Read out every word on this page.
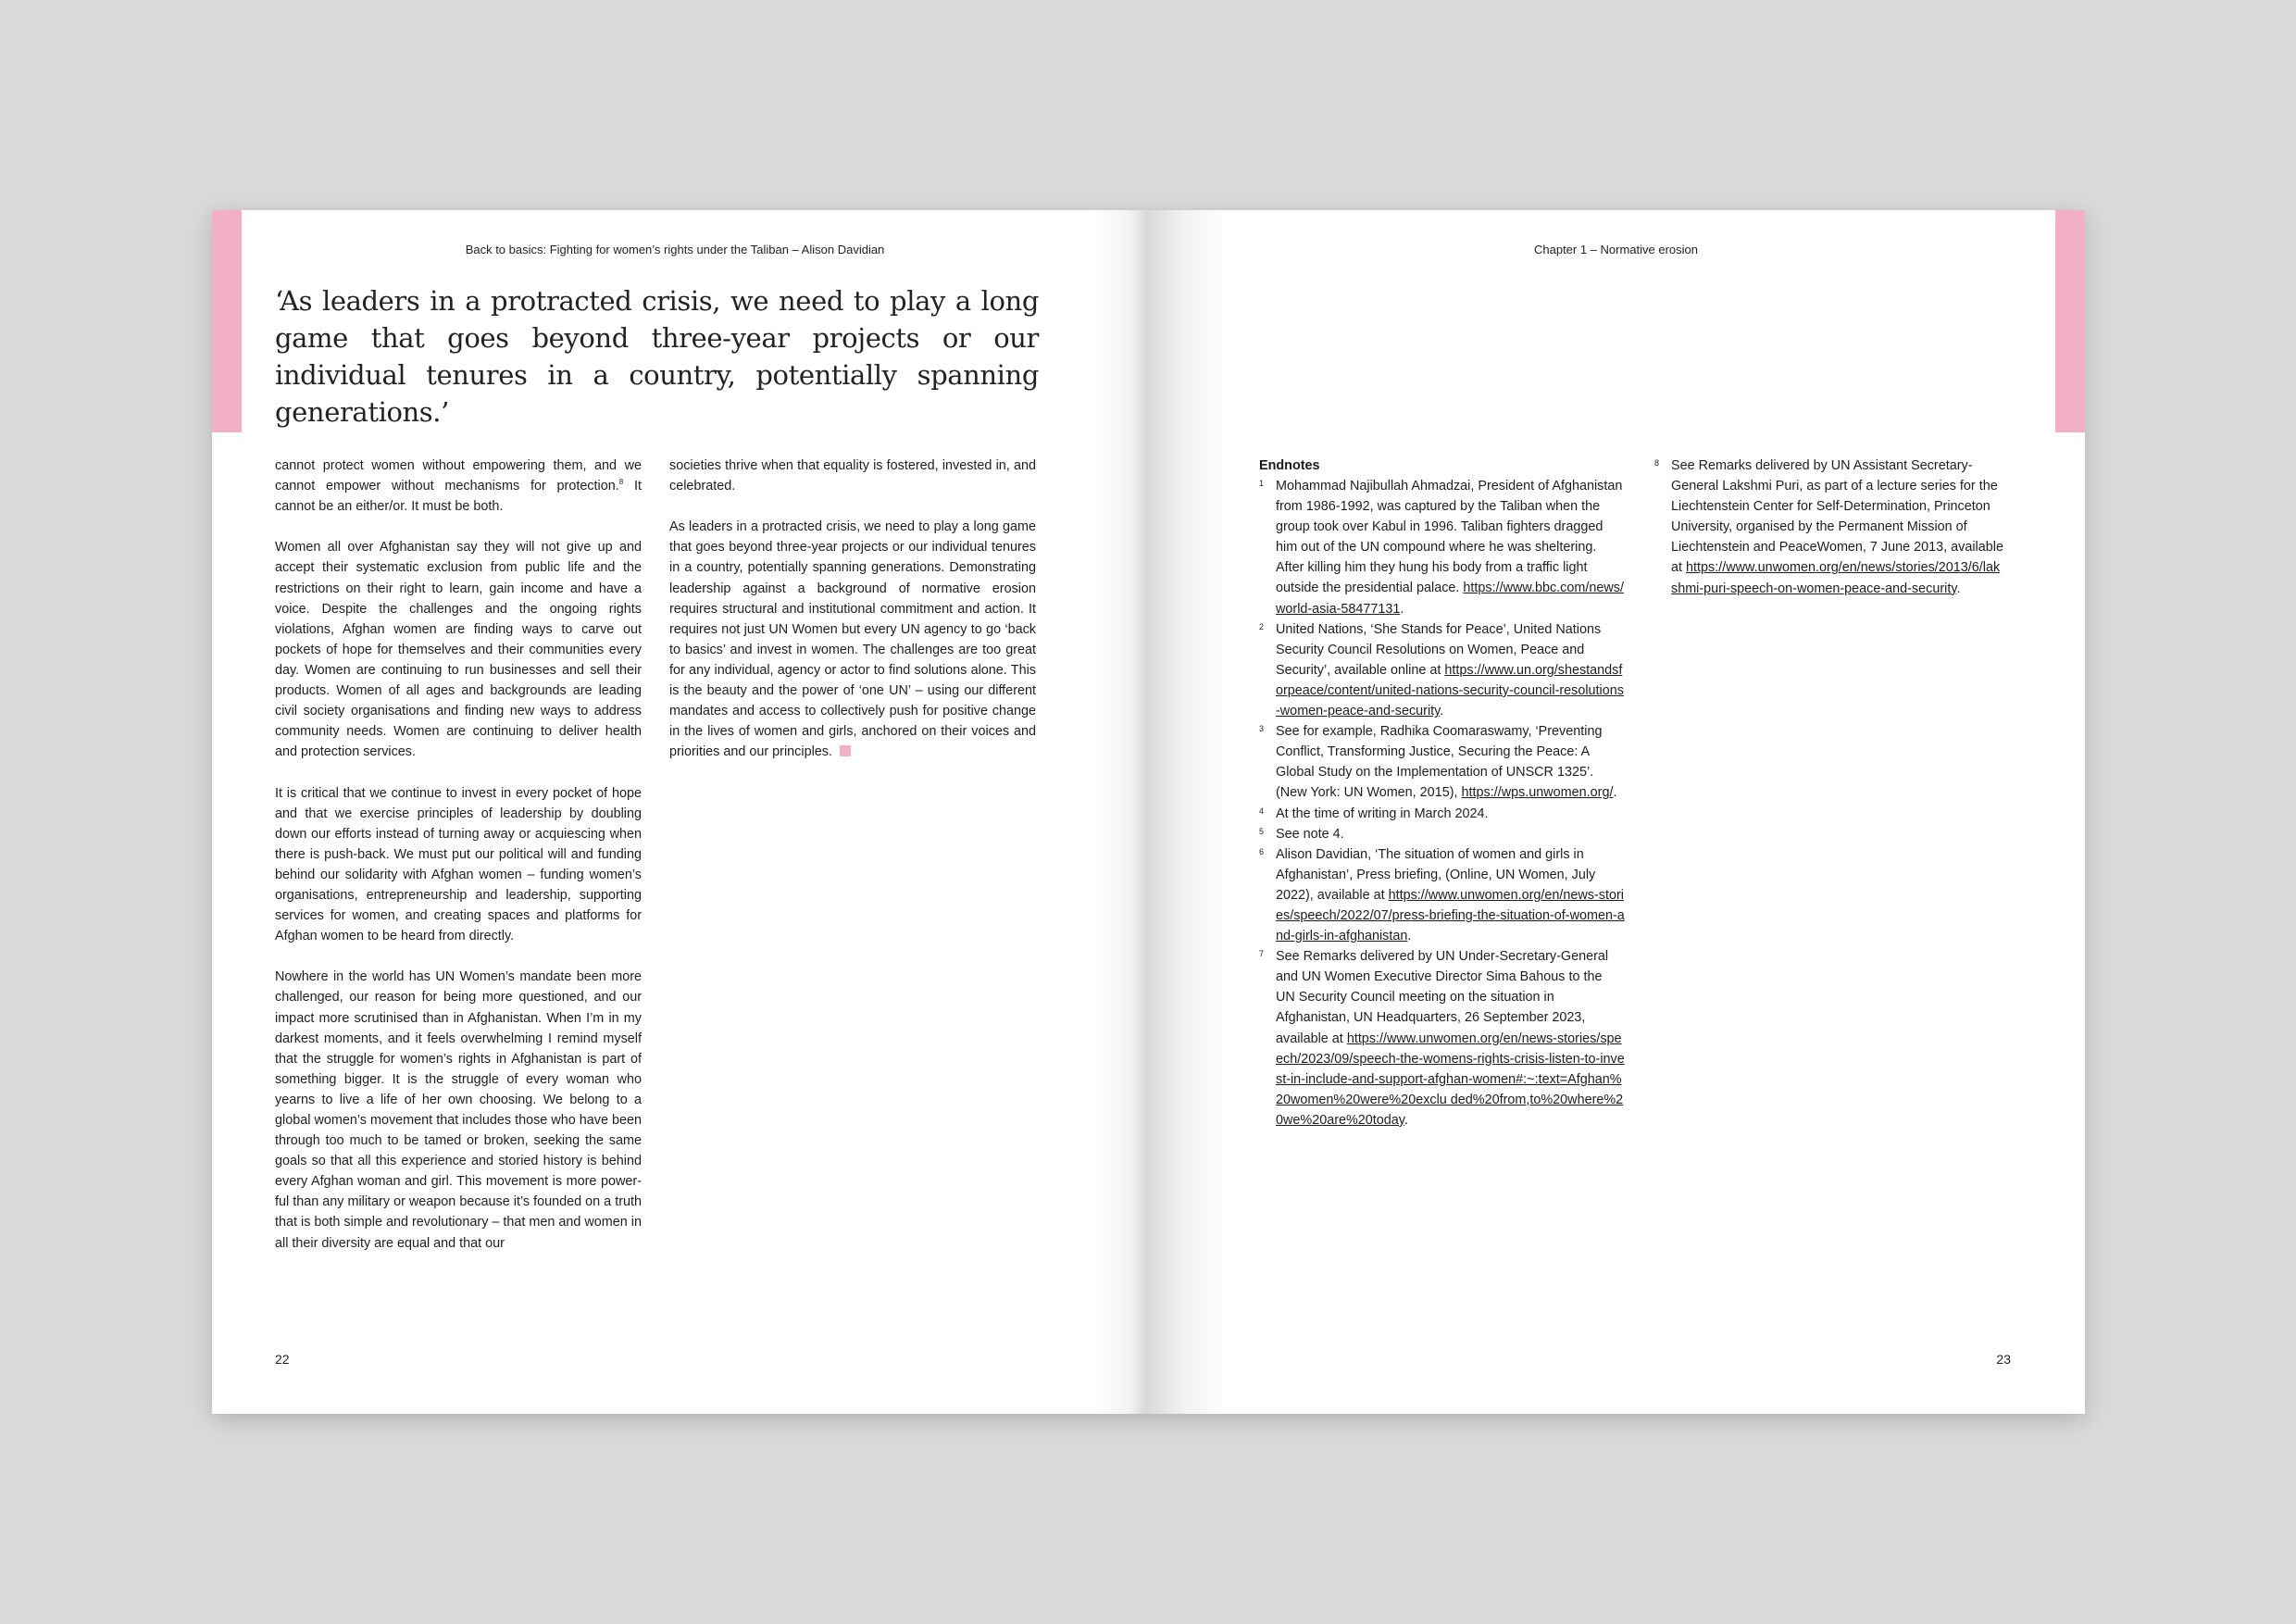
Back to basics: Fighting for women’s rights under the Taliban – Alison Davidian

‘As leaders in a protracted crisis, we need to play a long game that goes beyond three-year projects or our individual tenures in a country, potentially spanning generations.’

cannot protect women without empowering them, and we cannot empower without mechanisms for protection.$^8$ It cannot be an either/or. It must be both.

Women all over Afghanistan say they will not give up and accept their systematic exclusion from public life and the restrictions on their right to learn, gain income and have a voice. Despite the challenges and the ongoing rights violations, Afghan women are finding ways to carve out pockets of hope for themselves and their communities every day. Women are continuing to run businesses and sell their products. Women of all ages and backgrounds are leading civil society organisations and finding new ways to address community needs. Women are continuing to deliver health and protection services.

It is critical that we continue to invest in every pocket of hope and that we exercise principles of leadership by doubling down our efforts instead of turning away or acquiescing when there is push-back. We must put our political will and funding behind our solidarity with Afghan women – funding women’s organisations, entrepreneurship and leadership, supporting services for women, and creating spaces and platforms for Afghan women to be heard from directly.

Nowhere in the world has UN Women’s mandate been more challenged, our reason for being more questioned, and our impact more scrutinised than in Afghanistan. When I’m in my darkest moments, and it feels overwhelming I remind myself that the struggle for women’s rights in Afghanistan is part of something bigger. It is the struggle of every woman who yearns to live a life of her own choosing. We belong to a global women’s movement that includes those who have been through too much to be tamed or broken, seeking the same goals so that all this experience and storied history is behind every Afghan woman and girl. This movement is more powerful than any military or weapon because it’s founded on a truth that is both simple and revolutionary – that men and women in all their diversity are equal and that our

societies thrive when that equality is fostered, invested in, and celebrated.

As leaders in a protracted crisis, we need to play a long game that goes beyond three-year projects or our individual tenures in a country, potentially spanning generations. Demonstrating leadership against a background of normative erosion requires structural and institutional commitment and action. It requires not just UN Women but every UN agency to go ‘back to basics’ and invest in women. The challenges are too great for any individual, agency or actor to find solutions alone. This is the beauty and the power of ‘one UN’ – using our different mandates and access to collectively push for positive change in the lives of women and girls, anchored on their voices and priorities and our principles.

22
Chapter 1 – Normative erosion
Endnotes
1 Mohammad Najibullah Ahmadzai, President of Afghanistan from 1986-1992, was captured by the Taliban when the group took over Kabul in 1996. Taliban fighters dragged him out of the UN compound where he was sheltering. After killing him they hung his body from a traffic light outside the presidential palace. https://www.bbc.com/news/world-asia-58477131.
2 United Nations, ‘She Stands for Peace’, United Nations Security Council Resolutions on Women, Peace and Security’, available online at https://www.un.org/shestandsforpeace/content/united-nations-security-council-resolutions-women-peace-and-security.
3 See for example, Radhika Coomaraswamy, ‘Preventing Conflict, Transforming Justice, Securing the Peace: A Global Study on the Implementation of UNSCR 1325’. (New York: UN Women, 2015), https://wps.unwomen.org/.
4 At the time of writing in March 2024.
5 See note 4.
6 Alison Davidian, ‘The situation of women and girls in Afghanistan’, Press briefing, (Online, UN Women, July 2022), available at https://www.unwomen.org/en/news-stories/speech/2022/07/press-briefing-the-situation-of-women-and-girls-in-afghanistan.
7 See Remarks delivered by UN Under-Secretary-General and UN Women Executive Director Sima Bahous to the UN Security Council meeting on the situation in Afghanistan, UN Headquarters, 26 September 2023, available at https://www.unwomen.org/en/news-stories/speech/2023/09/speech-the-womens-rights-crisis-listen-to-invest-in-include-and-support-afghan-women#:~:text=Afghan%20women%20were%20exclu ded%20from,to%20where%20we%20are%20today.
8 See Remarks delivered by UN Assistant Secretary-General Lakshmi Puri, as part of a lecture series for the Liechtenstein Center for Self-Determination, Princeton University, organised by the Permanent Mission of Liechtenstein and PeaceWomen, 7 June 2013, available at https://www.unwomen.org/en/news/stories/2013/6/lakshmi-puri-speech-on-women-peace-and-security.
23
